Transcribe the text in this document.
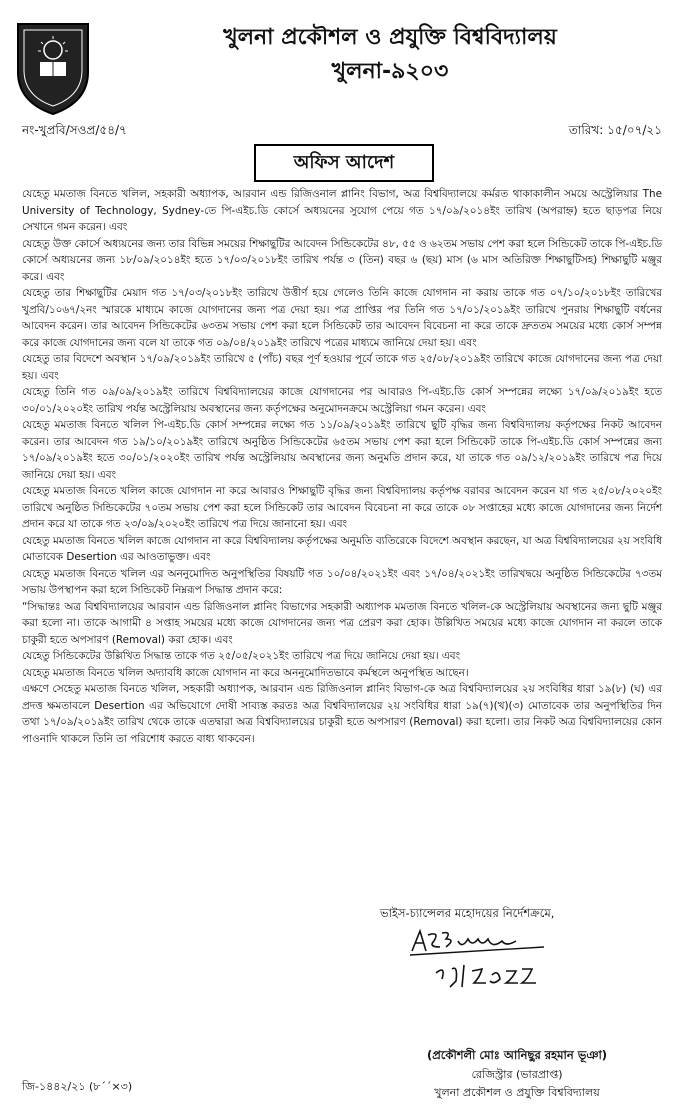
খুলনা প্রকৌশল ও প্রযুক্তি বিশ্ববিদ্যালয়
খুলনা-৯২০৩
নং-খুপ্রবি/সওপ্র/৫৪/৭	তারিখ: ১৫/০৭/২১
অফিস আদেশ

যেহেতু মমতাজ বিনতে খলিল, সহকারী অধ্যাপক, আরবান এন্ড রিজিওনাল প্লানিং বিভাগ, অত্র বিশ্ববিদ্যালয়ে কর্মরত থাকাকালীন সময়ে অস্ট্রেলিয়ার The University of Technology, Sydney-তে পি-এইচ.ডি কোর্সে অধ্যয়নের সুযোগ পেয়ে গত ১৭/০৯/২০১৪ইং তারিখ (অপরাহ্ন) হতে ছাড়পত্র নিয়ে সেখানে গমন করেন। এবং

যেহেতু উক্ত কোর্সে অধ্যয়নের জন্য তার বিভিন্ন সময়ের শিক্ষাছুটির আবেদন সিন্ডিকেটের ৪৮, ৫৫ ও ৬২তম সভায় পেশ করা হলে সিন্ডিকেট তাকে পি-এইচ.ডি কোর্সে অধ্যয়নের জন্য ১৮/০৯/২০১৪ইং হতে ১৭/০৩/২০১৮ইং তারিখ পর্যন্ত ৩ (তিন) বছর ৬ (ছয়) মাস (৬ মাস অতিরিক্ত শিক্ষাছুটিসহ) শিক্ষাছুটি মঞ্জুর করে। এবং

যেহেতু তার শিক্ষাছুটির মেয়াদ গত ১৭/০৩/২০১৮ইং তারিখে উত্তীর্ণ হয়ে গেলেও তিনি কাজে যোগদান না করায় তাকে গত ০৭/১০/২০১৮ইং তারিখের খুপ্রবি/১০৬৭/২নং স্মারকে মাধ্যমে কাজে যোগদানের জন্য পত্র দেয়া হয়। পত্র প্রাপ্তির পর তিনি গত ১৭/০১/২০১৯ইং তারিখে পুনরায় শিক্ষাছুটি বর্ধনের আবেদন করেন। তার আবেদন সিন্ডিকেটের ৬৩তম সভায় পেশ করা হলে সিন্ডিকেট তার আবেদন বিবেচনা না করে তাকে দ্রুততম সময়ের মধ্যে কোর্স সম্পন্ন করে কাজে যোগদানের জন্য বলে যা তাকে গত ০৯/০৪/২০১৯ইং তারিখে পত্রের মাধ্যমে জানিয়ে দেয়া হয়। এবং

যেহেতু তার বিদেশে অবস্থান ১৭/০৯/২০১৯ইং তারিখে ৫ (পাঁচ) বছর পূর্ণ হওয়ার পূর্বে তাকে গত ২৫/০৮/২০১৯ইং তারিখে কাজে যোগদানের জন্য পত্র দেয়া হয়। এবং

যেহেতু তিনি গত ০৯/০৯/২০১৯ইং তারিখে বিশ্ববিদ্যালয়ের কাজে যোগদানের পর আবারও পি-এইচ.ডি কোর্স সম্পন্নের লক্ষ্যে ১৭/০৯/২০১৯ইং হতে ৩০/০১/২০২০ইং তারিখ পর্যন্ত অস্ট্রেলিয়ায় অবস্থানের জন্য কর্তৃপক্ষের অনুমোদনক্রমে অস্ট্রেলিয়া গমন করেন। এবং

যেহেতু মমতাজ বিনতে খলিল পি-এইচ.ডি কোর্স সম্পন্নের লক্ষ্যে গত ১১/০৯/২০১৯ইং তারিখে ছুটি বৃদ্ধির জন্য বিশ্ববিদ্যালয় কর্তৃপক্ষের নিকট আবেদন করেন। তার আবেদন গত ১৯/১০/২০১৯ইং তারিখে অনুষ্ঠিত সিন্ডিকেটের ৬৫তম সভায় পেশ করা হলে সিন্ডিকেট তাকে পি-এইচ.ডি কোর্স সম্পন্নের জন্য ১৭/০৯/২০১৯ইং হতে ৩০/০১/২০২০ইং তারিখ পর্যন্ত অস্ট্রেলিয়ায় অবস্থানের জন্য অনুমতি প্রদান করে, যা তাকে গত ০৯/১২/২০১৯ইং তারিখে পত্র দিয়ে জানিয়ে দেয়া হয়। এবং

যেহেতু মমতাজ বিনতে খলিল কাজে যোগদান না করে আবারও শিক্ষাছুটি বৃদ্ধির জন্য বিশ্ববিদ্যালয় কর্তৃপক্ষ বরাবর আবেদন করেন যা গত ২৫/০৮/২০২০ইং তারিখে অনুষ্ঠিত সিন্ডিকেটের ৭০তম সভায় পেশ করা হলে সিন্ডিকেট তার আবেদন বিবেচনা না করে তাকে ০৮ সপ্তাহের মধ্যে কাজে যোগদানের জন্য নির্দেশ প্রদান করে যা তাকে গত ২৩/০৯/২০২০ইং তারিখে পত্র দিয়ে জানানো হয়। এবং

যেহেতু মমতাজ বিনতে খলিল কাজে যোগদান না করে বিশ্ববিদ্যালয় কর্তৃপক্ষের অনুমতি ব্যতিরেকে বিদেশে অবস্থান করছেন, যা অত্র বিশ্ববিদ্যালয়ের ২য় সংবিধি মোতাবেক Desertion এর আওতাভুক্ত। এবং

যেহেতু মমতাজ বিনতে খলিল এর অননুমোদিত অনুপস্থিতির বিষয়টি গত ১০/০৪/২০২১ইং এবং ১৭/০৪/২০২১ইং তারিখদ্বয়ে অনুষ্ঠিত সিন্ডিকেটের ৭৩তম সভায় উপস্থাপন করা হলে সিন্ডিকেট নিম্নরূপ সিদ্ধান্ত প্রদান করে:

“সিদ্ধান্তঃ অত্র বিশ্ববিদ্যালয়ের আরবান এন্ড রিজিওনাল প্লানিং বিভাগের সহকারী অধ্যাপক মমতাজ বিনতে খলিল-কে অস্ট্রেলিয়ায় অবস্থানের জন্য ছুটি মঞ্জুর করা হলো না। তাকে আগামী ৪ সপ্তাহ সময়ের মধ্যে কাজে যোগদানের জন্য পত্র প্রেরণ করা হোক। উল্লিখিত সময়ের মধ্যে কাজে যোগদান না করলে তাকে চাকুরী হতে অপসারণ (Removal) করা হোক। এবং

যেহেতু সিন্ডিকেটের উল্লিখিত সিদ্ধান্ত তাকে গত ২৫/০৫/২০২১ইং তারিখে পত্র দিয়ে জানিয়ে দেয়া হয়। এবং

যেহেতু মমতাজ বিনতে খলিল অদ্যাবধি কাজে যোগদান না করে অননুমোদিতভাবে কর্মস্থলে অনুপস্থিত আছেন।

এক্ষণে সেহেতু মমতাজ বিনতে খলিল, সহকারী অধ্যাপক, আরবান এন্ড রিজিওনাল প্লানিং বিভাগ-কে অত্র বিশ্ববিদ্যালয়ের ২য় সংবিধির ধারা ১৯(৮) (ঘ) এর প্রদত্ত ক্ষমতাবলে Desertion এর অভিযোগে দোষী সাব্যস্ত করতঃ অত্র বিশ্ববিদ্যালয়ের ২য় সংবিধির ধারা ১৯(৭)(খ)(৩) মোতাবেক তার অনুপস্থিতির দিন তথা ১৭/০৯/২০১৯ইং তারিখ থেকে তাকে এতদ্বারা অত্র বিশ্ববিদ্যালয়ের চাকুরী হতে অপসারণ (Removal) করা হলো। তার নিকট অত্র বিশ্ববিদ্যালয়ের কোন পাওনাদি থাকলে তিনি তা পরিশোধ করতে বাধ্য থাকবেন।

ভাইস-চ্যান্সেলর মহোদয়ের নির্দেশক্রমে,
(প্রকৌশলী মোঃ আনিছুর রহমান ভূঞা)
রেজিস্ট্রার (ভারপ্রাপ্ত)
খুলনা প্রকৌশল ও প্রযুক্তি বিশ্ববিদ্যালয়
জি-১৪৪২/২১ (৮´´×৩)
